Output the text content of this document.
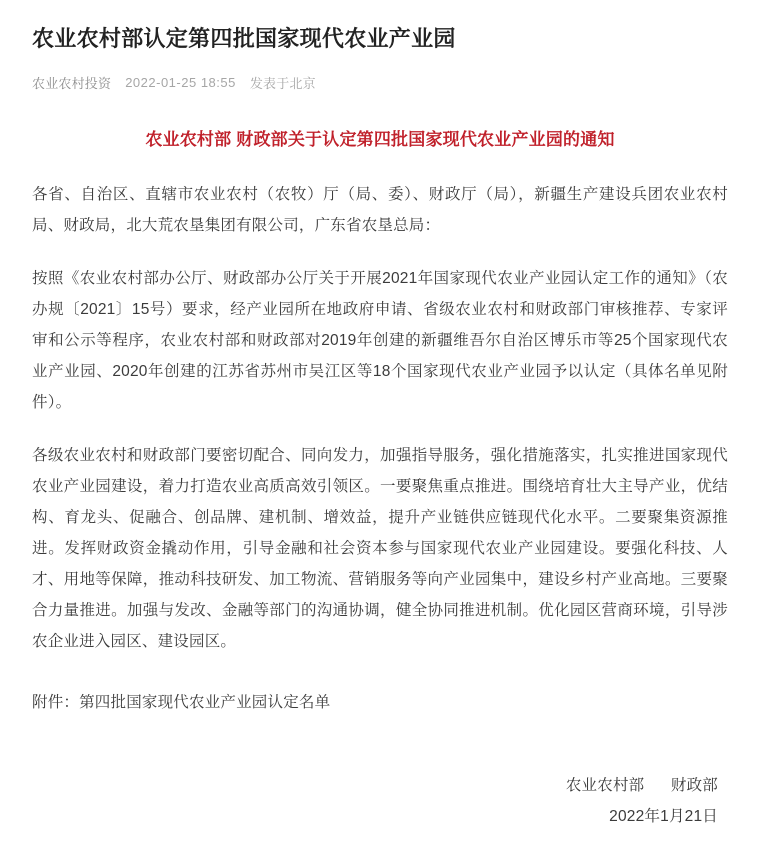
农业农村部认定第四批国家现代农业产业园
农业农村投资 2022-01-25 18:55 发表于北京
农业农村部 财政部关于认定第四批国家现代农业产业园的通知

各省、自治区、直辖市农业农村（农牧）厅（局、委）、财政厅（局），新疆生产建设兵团农业农村局、财政局，北大荒农垦集团有限公司，广东省农垦总局：

按照《农业农村部办公厅、财政部办公厅关于开展2021年国家现代农业产业园认定工作的通知》（农办规〔2021〕15号）要求，经产业园所在地政府申请、省级农业农村和财政部门审核推荐、专家评审和公示等程序，农业农村部和财政部对2019年创建的新疆维吾尔自治区博乐市等25个国家现代农业产业园、2020年创建的江苏省苏州市吴江区等18个国家现代农业产业园予以认定（具体名单见附件）。

各级农业农村和财政部门要密切配合、同向发力，加强指导服务，强化措施落实，扎实推进国家现代农业产业园建设，着力打造农业高质高效引领区。一要聚焦重点推进。围绕培育壮大主导产业，优结构、育龙头、促融合、创品牌、建机制、增效益，提升产业链供应链现代化水平。二要聚集资源推进。发挥财政资金撬动作用，引导金融和社会资本参与国家现代农业产业园建设。要强化科技、人才、用地等保障，推动科技研发、加工物流、营销服务等向产业园集中，建设乡村产业高地。三要聚合力量推进。加强与发改、金融等部门的沟通协调，健全协同推进机制。优化园区营商环境，引导涉农企业进入园区、建设园区。

附件：第四批国家现代农业产业园认定名单

农业农村部 财政部
2022年1月21日
